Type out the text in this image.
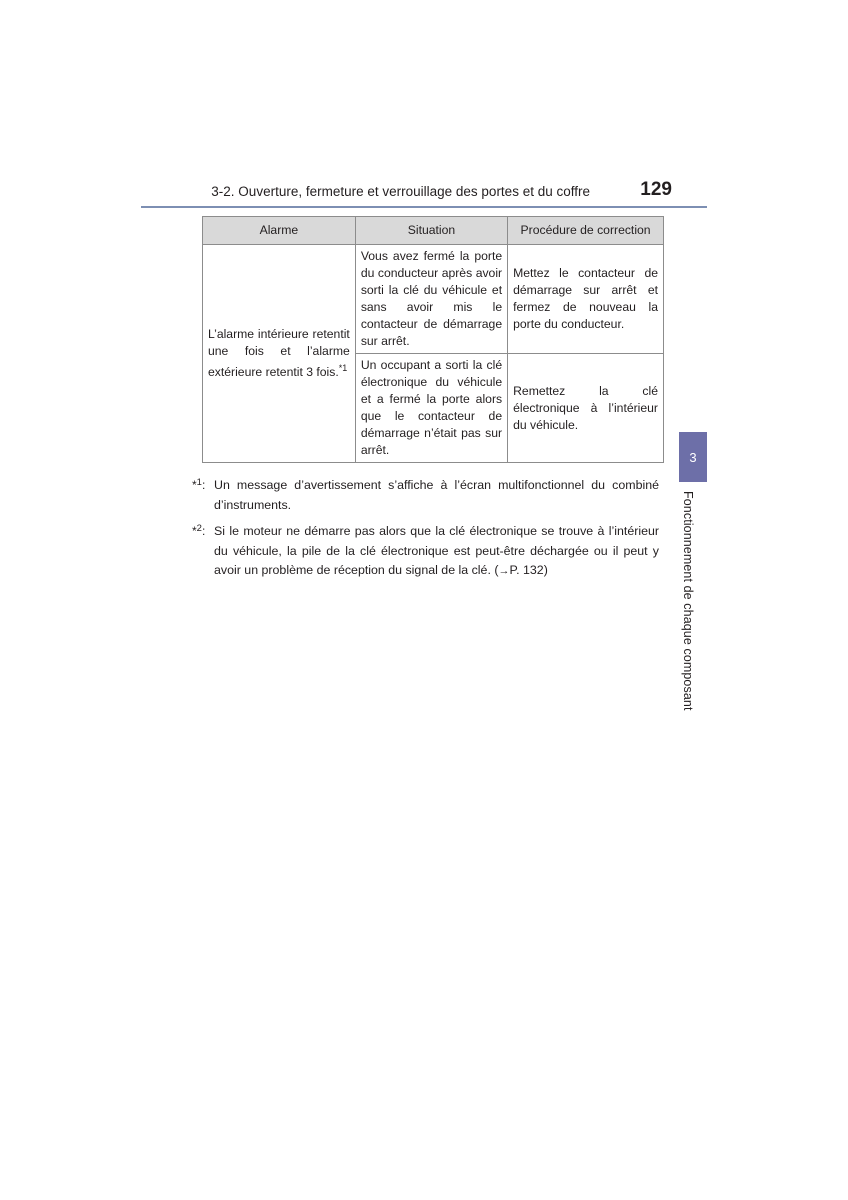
3-2. Ouverture, fermeture et verrouillage des portes et du coffre	129
Alarme	Situation	Procédure de correction
L’alarme intérieure retentit une fois et l’alarme extérieure retentit 3 fois.$^{*1}$	Vous avez fermé la porte du conducteur après avoir sorti la clé du véhicule et sans avoir mis le contacteur de démarrage sur arrêt.	Mettez le contacteur de démarrage sur arrêt et fermez de nouveau la porte du conducteur.
	Un occupant a sorti la clé électronique du véhicule et a fermé la porte alors que le contacteur de démarrage n’était pas sur arrêt.	Remettez la clé électronique à l’intérieur du véhicule.
*$^1$: Un message d’avertissement s’affiche à l’écran multifonctionnel du combiné d’instruments.
*$^2$: Si le moteur ne démarre pas alors que la clé électronique se trouve à l’intérieur du véhicule, la pile de la clé électronique est peut-être déchargée ou il peut y avoir un problème de réception du signal de la clé. (→P. 132)
3
Fonctionnement de chaque composant
